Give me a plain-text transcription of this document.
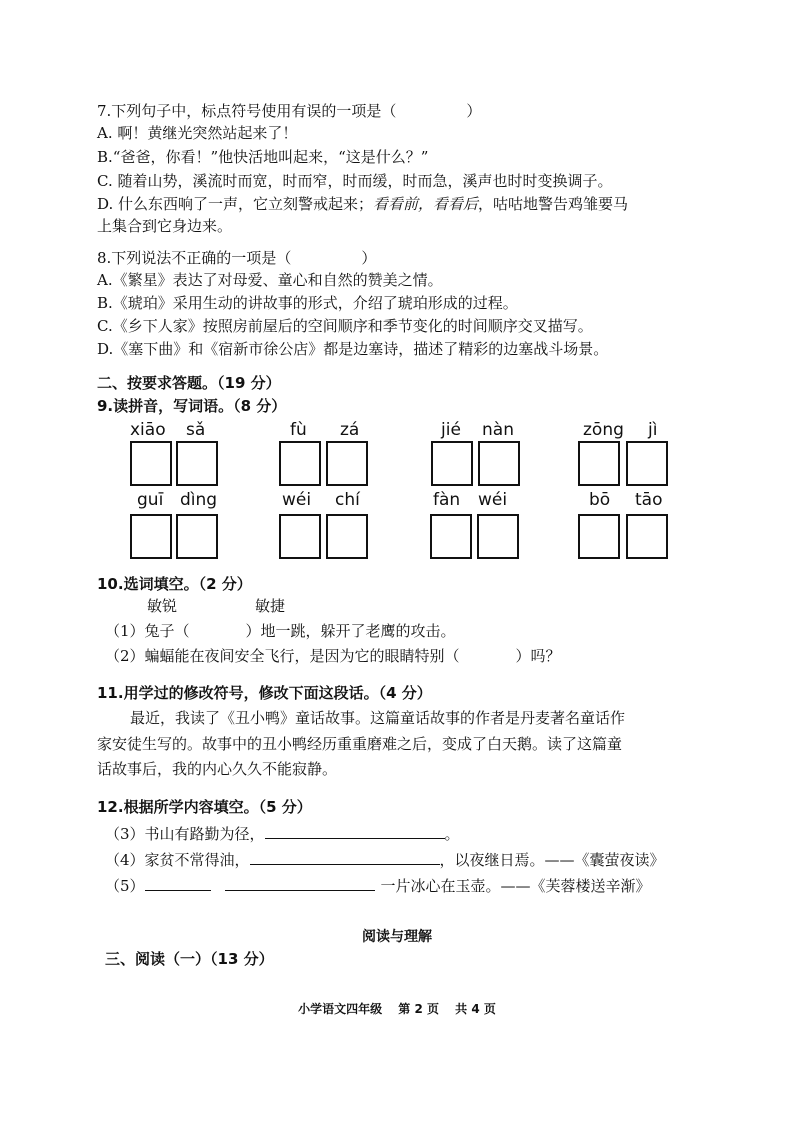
7.下列句子中，标点符号使用有误的一项是（	）
A. 啊！黄继光突然站起来了！
B.“爸爸，你看！”他快活地叫起来，“这是什么？”
C. 随着山势，溪流时而宽，时而窄，时而缓，时而急，溪声也时时变换调子。
D. 什么东西响了一声，它立刻警戒起来；看看前，看看后，咕咕地警告鸡雏要马
上集合到它身边来。
8.下列说法不正确的一项是（	）
A.《繁星》表达了对母爱、童心和自然的赞美之情。
B.《琥珀》采用生动的讲故事的形式，介绍了琥珀形成的过程。
C.《乡下人家》按照房前屋后的空间顺序和季节变化的时间顺序交叉描写。
D.《塞下曲》和《宿新市徐公店》都是边塞诗，描述了精彩的边塞战斗场景。
二、按要求答题。（19 分）
9.读拼音，写词语。（8 分）
xiāo sǎ	fù zá	jié nàn	zōng jì
guī dìng	wéi chí	fàn wéi	bō tāo
10.选词填空。（2 分）
敏锐	敏捷
（1）兔子（	）地一跳，躲开了老鹰的攻击。
（2）蝙蝠能在夜间安全飞行，是因为它的眼睛特别（	）吗？
11.用学过的修改符号，修改下面这段话。（4 分）
最近，我读了《丑小鸭》童话故事。这篇童话故事的作者是丹麦著名童话作
家安徒生写的。故事中的丑小鸭经历重重磨难之后，变成了白天鹅。读了这篇童
话故事后，我的内心久久不能寂静。
12.根据所学内容填空。（5 分）
（3）书山有路勤为径，	。
（4）家贫不常得油，	，以夜继日焉。——《囊萤夜读》
（5）	一片冰心在玉壶。——《芙蓉楼送辛渐》
阅读与理解
三、阅读（一）（13 分）
小学语文四年级　 第 2 页　 共 4 页
